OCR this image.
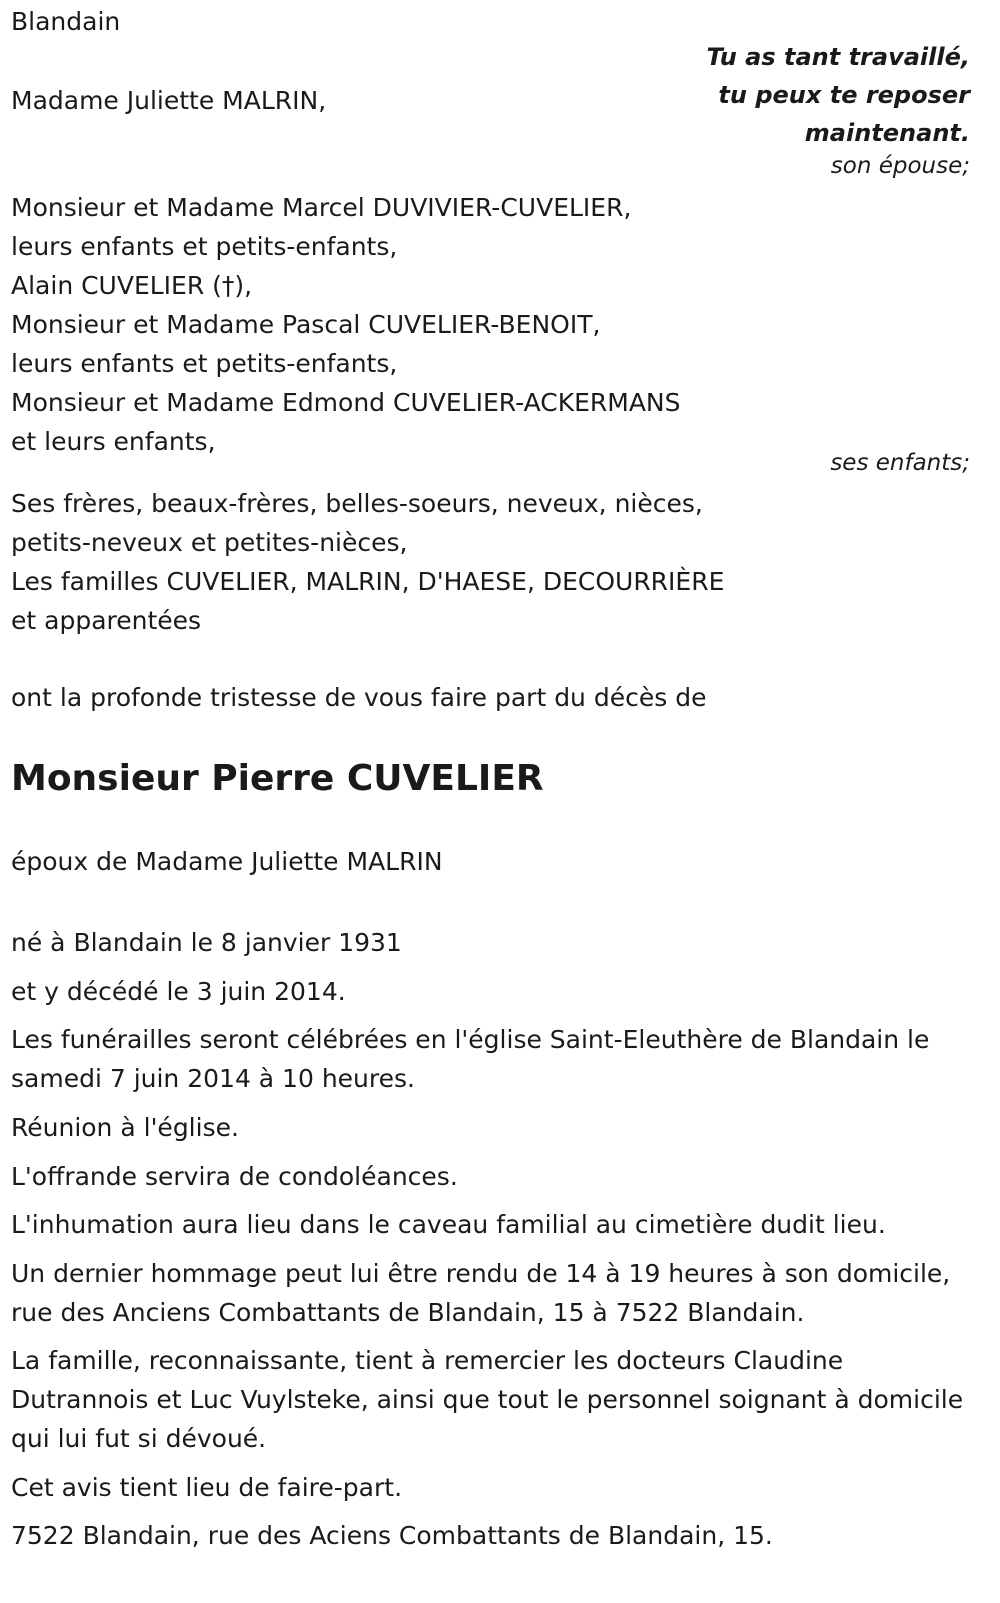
Blandain
Tu as tant travaillé,
tu peux te reposer
maintenant.
Madame Juliette MALRIN,
son épouse;
Monsieur et Madame Marcel DUVIVIER-CUVELIER,
leurs enfants et petits-enfants,
Alain CUVELIER (†),
Monsieur et Madame Pascal CUVELIER-BENOIT,
leurs enfants et petits-enfants,
Monsieur et Madame Edmond CUVELIER-ACKERMANS
et leurs enfants,
ses enfants;
Ses frères, beaux-frères, belles-soeurs, neveux, nièces,
petits-neveux et petites-nièces,
Les familles CUVELIER, MALRIN, D'HAESE, DECOURRIÈRE
et apparentées
ont la profonde tristesse de vous faire part du décès de
Monsieur Pierre CUVELIER
époux de Madame Juliette MALRIN
né à Blandain le 8 janvier 1931
et y décédé le 3 juin 2014.
Les funérailles seront célébrées en l'église Saint-Eleuthère de Blandain le samedi 7 juin 2014 à 10 heures.
Réunion à l'église.
L'offrande servira de condoléances.
L'inhumation aura lieu dans le caveau familial au cimetière dudit lieu.
Un dernier hommage peut lui être rendu de 14 à 19 heures à son domicile, rue des Anciens Combattants de Blandain, 15 à 7522 Blandain.
La famille, reconnaissante, tient à remercier les docteurs Claudine Dutrannois et Luc Vuylsteke, ainsi que tout le personnel soignant à domicile qui lui fut si dévoué.
Cet avis tient lieu de faire-part.
7522 Blandain, rue des Aciens Combattants de Blandain, 15.
